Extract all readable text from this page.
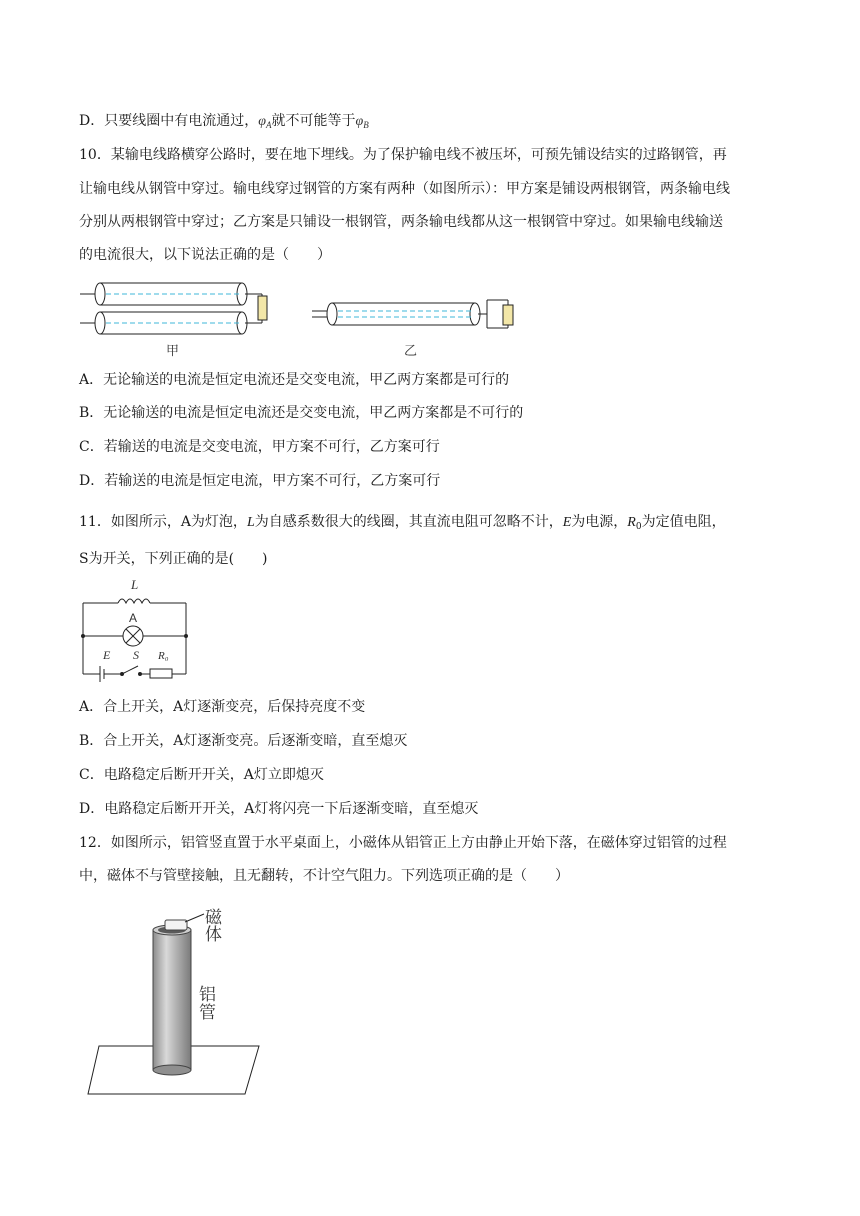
D．只要线圈中有电流通过，$\varphi_A$就不可能等于$\varphi_B$
10．某输电线路横穿公路时，要在地下埋线。为了保护输电线不被压坏，可预先铺设结实的过路钢管，再
让输电线从钢管中穿过。输电线穿过钢管的方案有两种（如图所示）：甲方案是铺设两根钢管，两条输电线
分别从两根钢管中穿过；乙方案是只铺设一根钢管，两条输电线都从这一根钢管中穿过。如果输电线输送
的电流很大，以下说法正确的是（　　）
甲	乙
A．无论输送的电流是恒定电流还是交变电流，甲乙两方案都是可行的
B．无论输送的电流是恒定电流还是交变电流，甲乙两方案都是不可行的
C．若输送的电流是交变电流，甲方案不可行，乙方案可行
D．若输送的电流是恒定电流，甲方案不可行，乙方案可行
11．如图所示，A为灯泡，L为自感系数很大的线圈，其直流电阻可忽略不计，E为电源，$R_0$为定值电阻，
S为开关，下列正确的是(　　)
L
A
E S R₀
A．合上开关，A灯逐渐变亮，后保持亮度不变
B．合上开关，A灯逐渐变亮。后逐渐变暗，直至熄灭
C．电路稳定后断开开关，A灯立即熄灭
D．电路稳定后断开开关，A灯将闪亮一下后逐渐变暗，直至熄灭
12．如图所示，铝管竖直置于水平桌面上，小磁体从铝管正上方由静止开始下落，在磁体穿过铝管的过程
中，磁体不与管壁接触，且无翻转，不计空气阻力。下列选项正确的是（　　）
磁
体
铝
管
